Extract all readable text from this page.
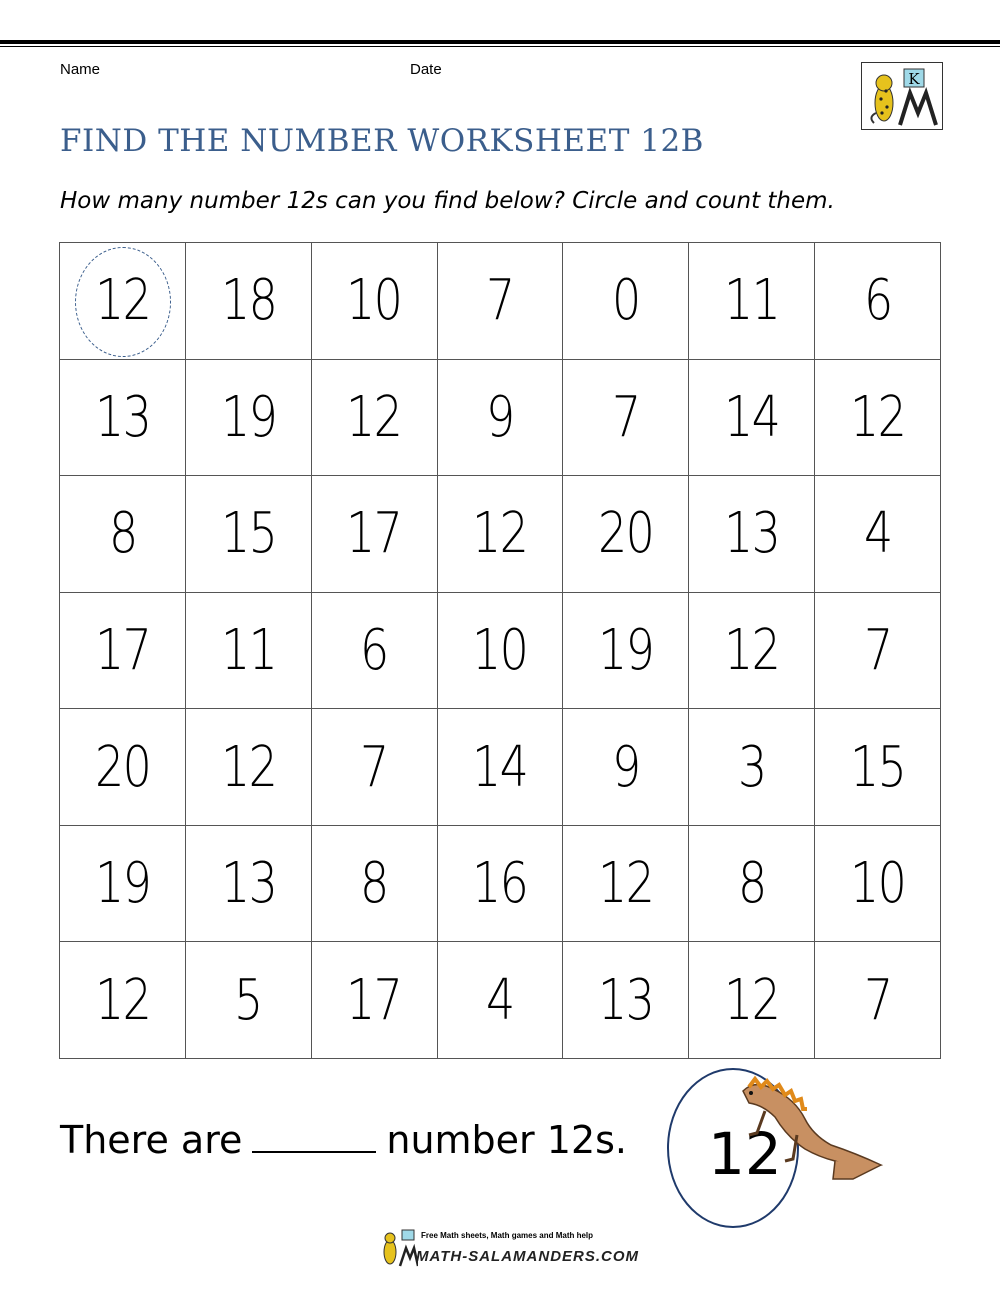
Name	Date
K
FIND THE NUMBER WORKSHEET 12B
How many number 12s can you find below? Circle and count them.
12	18	10	7	0	11	6
13	19	12	9	7	14	12
8	15	17	12	20	13	4
17	11	6	10	19	12	7
20	12	7	14	9	3	15
19	13	8	16	12	8	10
12	5	17	4	13	12	7
There are	number 12s. 12
Free Math sheets, Math games and Math help
MATH-SALAMANDERS.COM
